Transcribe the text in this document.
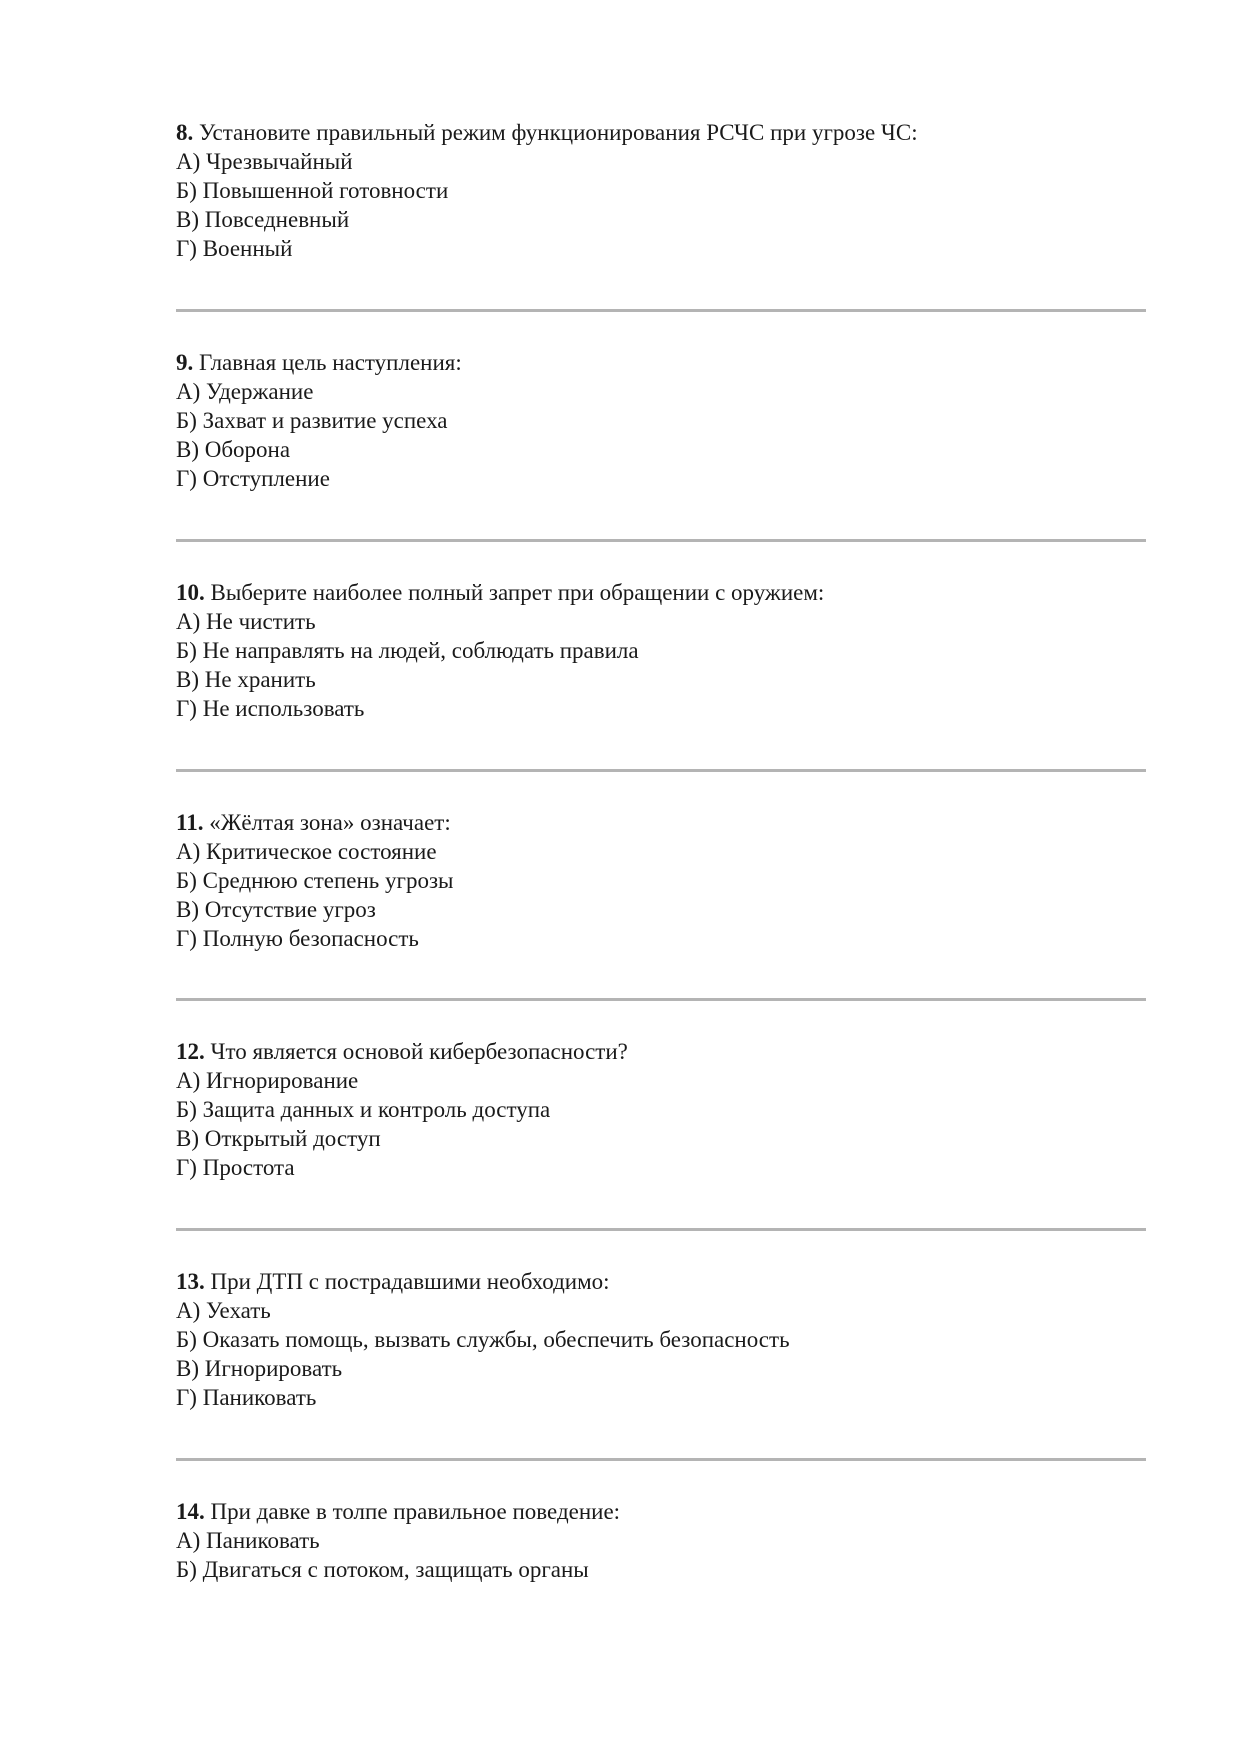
8. Установите правильный режим функционирования РСЧС при угрозе ЧС:
А) Чрезвычайный
Б) Повышенной готовности
В) Повседневный
Г) Военный
9. Главная цель наступления:
А) Удержание
Б) Захват и развитие успеха
В) Оборона
Г) Отступление
10. Выберите наиболее полный запрет при обращении с оружием:
А) Не чистить
Б) Не направлять на людей, соблюдать правила
В) Не хранить
Г) Не использовать
11. «Жёлтая зона» означает:
А) Критическое состояние
Б) Среднюю степень угрозы
В) Отсутствие угроз
Г) Полную безопасность
12. Что является основой кибербезопасности?
А) Игнорирование
Б) Защита данных и контроль доступа
В) Открытый доступ
Г) Простота
13. При ДТП с пострадавшими необходимо:
А) Уехать
Б) Оказать помощь, вызвать службы, обеспечить безопасность
В) Игнорировать
Г) Паниковать
14. При давке в толпе правильное поведение:
А) Паниковать
Б) Двигаться с потоком, защищать органы
